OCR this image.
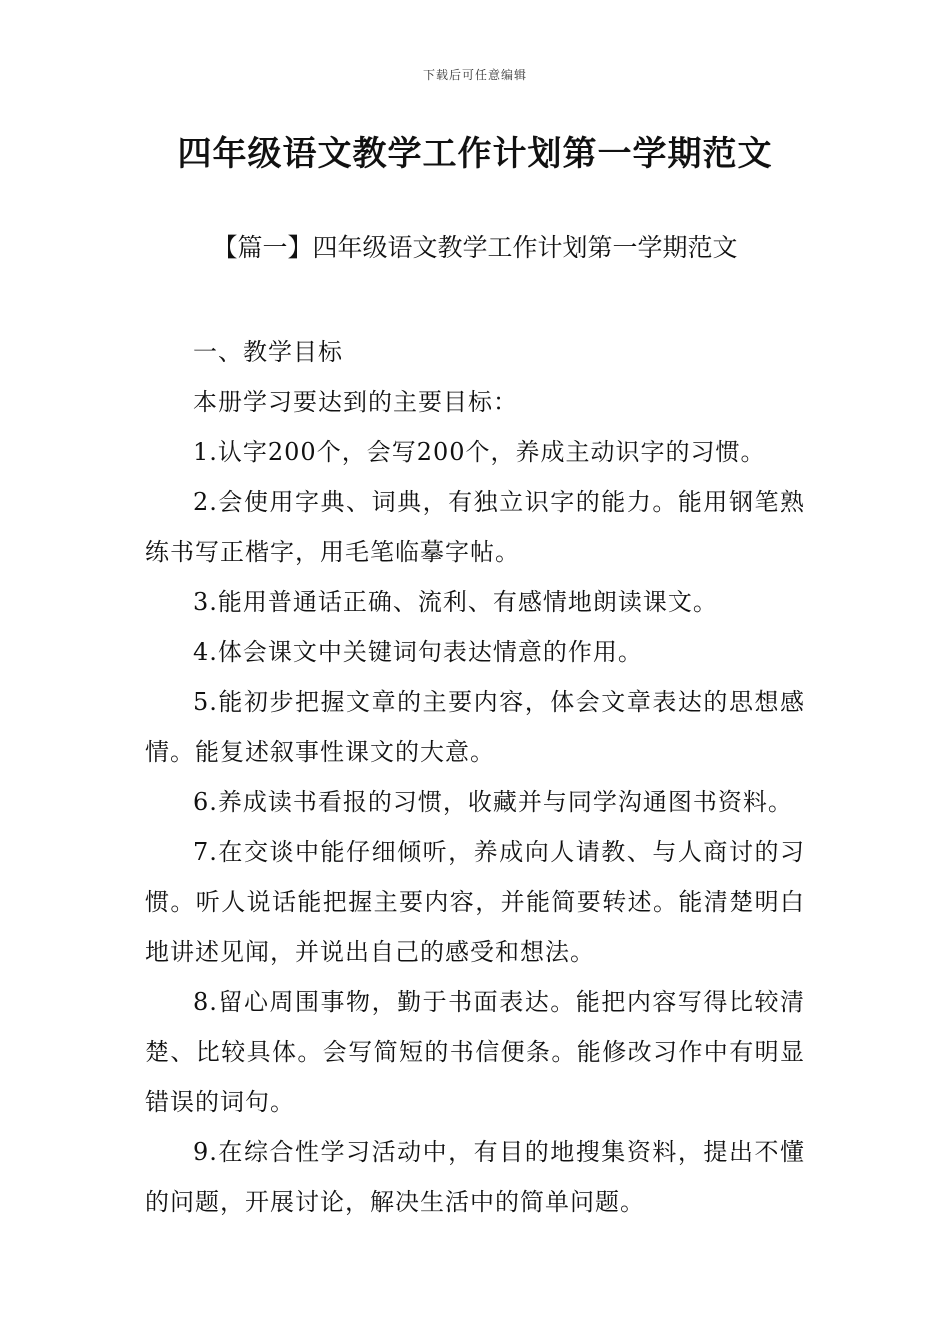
下载后可任意编辑
四年级语文教学工作计划第一学期范文
【篇一】四年级语文教学工作计划第一学期范文

一、教学目标

本册学习要达到的主要目标：

1.认字200个，会写200个，养成主动识字的习惯。

2.会使用字典、词典，有独立识字的能力。能用钢笔熟练书写正楷字，用毛笔临摹字帖。

3.能用普通话正确、流利、有感情地朗读课文。

4.体会课文中关键词句表达情意的作用。

5.能初步把握文章的主要内容，体会文章表达的思想感情。能复述叙事性课文的大意。

6.养成读书看报的习惯，收藏并与同学沟通图书资料。

7.在交谈中能仔细倾听，养成向人请教、与人商讨的习惯。听人说话能把握主要内容，并能简要转述。能清楚明白地讲述见闻，并说出自己的感受和想法。

8.留心周围事物，勤于书面表达。能把内容写得比较清楚、比较具体。会写简短的书信便条。能修改习作中有明显错误的词句。

9.在综合性学习活动中，有目的地搜集资料，提出不懂的问题，开展讨论，解决生活中的简单问题。
